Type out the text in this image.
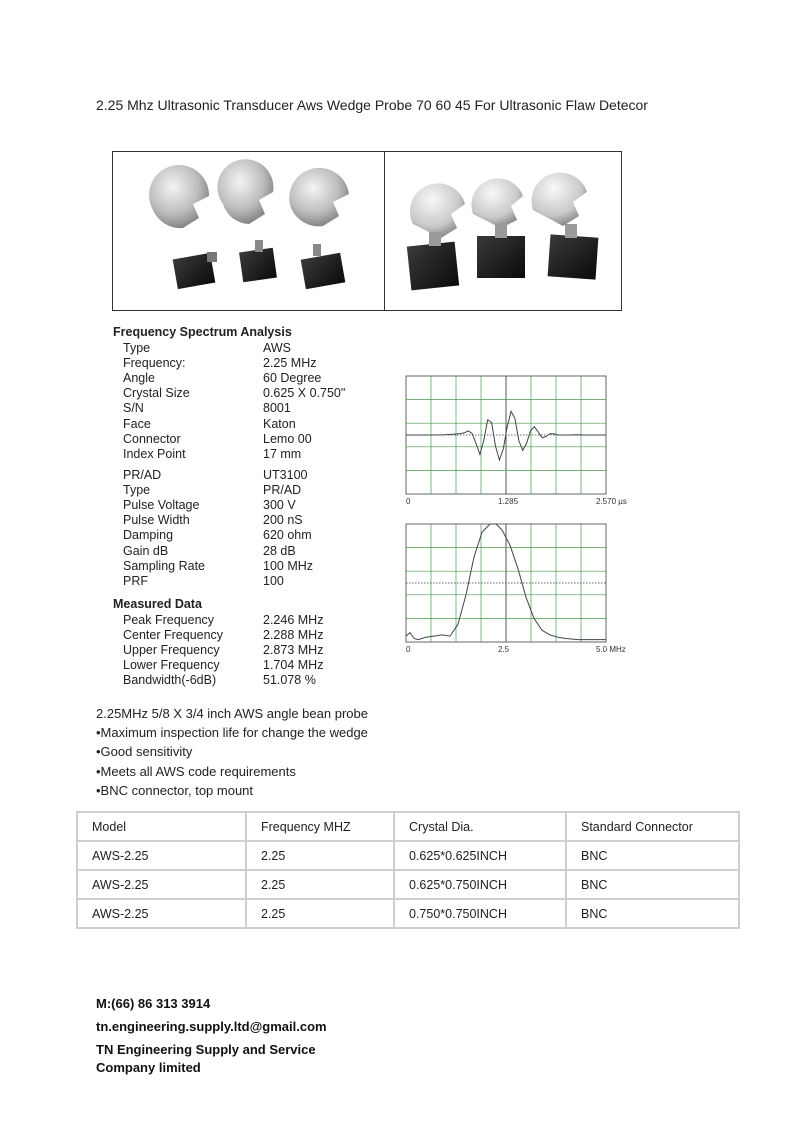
2.25 Mhz Ultrasonic Transducer Aws Wedge Probe 70 60 45 For Ultrasonic Flaw Detecor
Frequency Spectrum Analysis
Type	AWS
Frequency:	2.25 MHz
Angle	60 Degree
Crystal Size	0.625 X 0.750"
S/N	8001
Face	Katon
Connector	Lemo 00
Index Point	17 mm
PR/AD	UT3100
Type	PR/AD
Pulse Voltage	300 V
Pulse Width	200 nS
Damping	620 ohm
Gain dB	28 dB
Sampling Rate	100 MHz
PRF	100
Measured Data
Peak Frequency	2.246 MHz
Center Frequency	2.288 MHz
Upper Frequency	2.873 MHz
Lower Frequency	1.704 MHz
Bandwidth(-6dB)	51.078 %
0	1.285	2.570 µs
0	2.5	5.0 MHz
2.25MHz 5/8 X 3/4 inch AWS angle bean probe
•Maximum inspection life for change the wedge
•Good sensitivity
•Meets all AWS code requirements
•BNC connector, top mount
Model	Frequency MHZ	Crystal Dia.	Standard Connector
AWS-2.25	2.25	0.625*0.625INCH	BNC
AWS-2.25	2.25	0.625*0.750INCH	BNC
AWS-2.25	2.25	0.750*0.750INCH	BNC
M:(66) 86 313 3914
tn.engineering.supply.ltd@gmail.com
TN Engineering Supply and Service
Company limited
